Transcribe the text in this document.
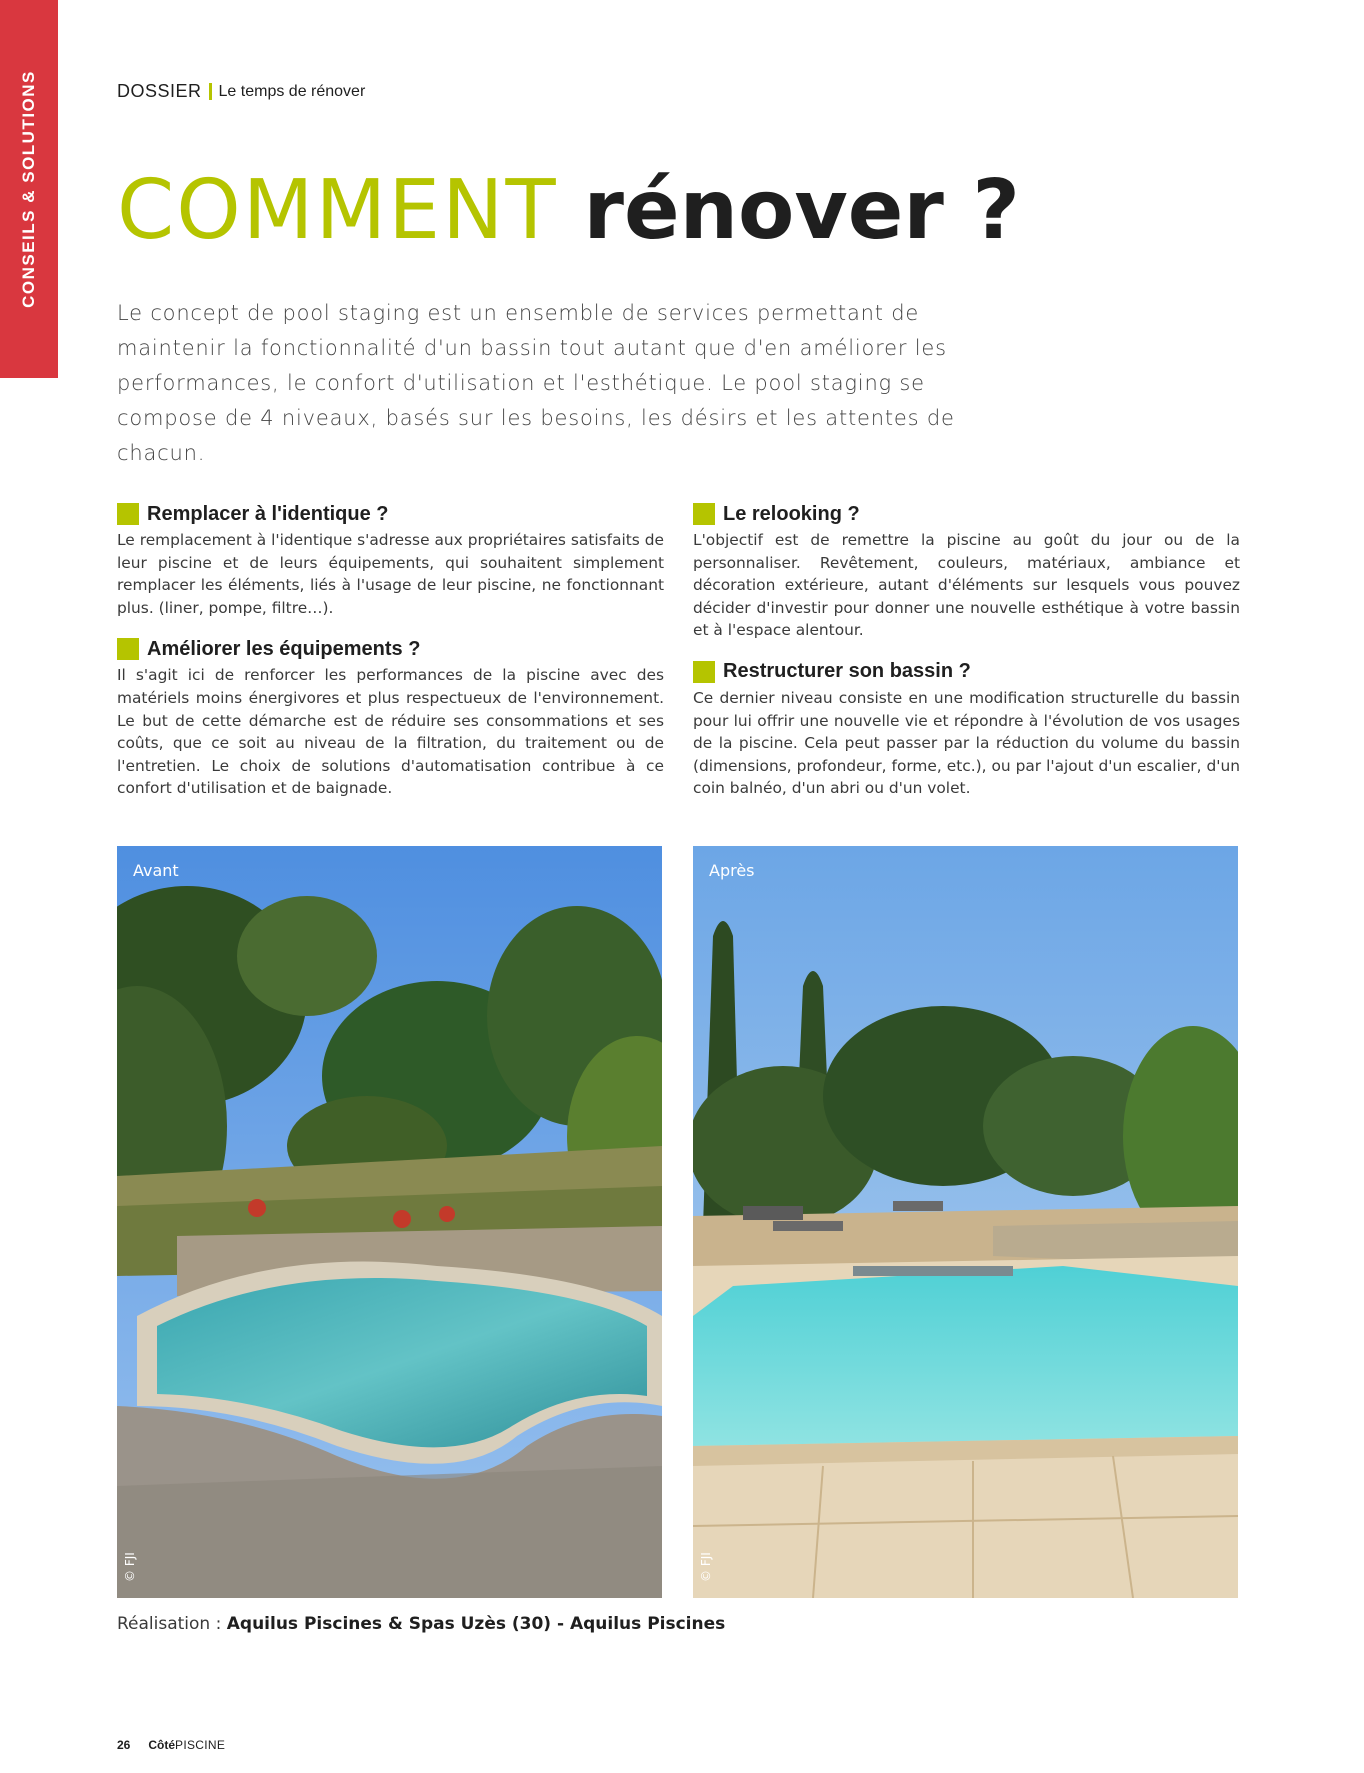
CONSEILS & SOLUTIONS	DOSSIER Le temps de rénover
COMMENT rénover ?

Le concept de pool staging est un ensemble de services permettant de maintenir la fonctionnalité d'un bassin tout autant que d'en améliorer les performances, le confort d'utilisation et l'esthétique. Le pool staging se compose de 4 niveaux, basés sur les besoins, les désirs et les attentes de chacun.

Remplacer à l'identique ?

Le remplacement à l'identique s'adresse aux propriétaires satisfaits de leur piscine et de leurs équipements, qui souhaitent simplement remplacer les éléments, liés à l'usage de leur piscine, ne fonctionnant plus. (liner, pompe, filtre…).

Améliorer les équipements ?

Il s'agit ici de renforcer les performances de la piscine avec des matériels moins énergivores et plus respectueux de l'environnement. Le but de cette démarche est de réduire ses consommations et ses coûts, que ce soit au niveau de la filtration, du traitement ou de l'entretien. Le choix de solutions d'automatisation contribue à ce confort d'utilisation et de baignade.

Le relooking ?

L'objectif est de remettre la piscine au goût du jour ou de la personnaliser. Revêtement, couleurs, matériaux, ambiance et décoration extérieure, autant d'éléments sur lesquels vous pouvez décider d'investir pour donner une nouvelle esthétique à votre bassin et à l'espace alentour.

Restructurer son bassin ?

Ce dernier niveau consiste en une modification structurelle du bassin pour lui offrir une nouvelle vie et répondre à l'évolution de vos usages de la piscine. Cela peut passer par la réduction du volume du bassin (dimensions, profondeur, forme, etc.), ou par l'ajout d'un escalier, d'un coin balnéo, d'un abri ou d'un volet.

Avant
© FJI
Après
© FJI
Réalisation : Aquilus Piscines & Spas Uzès (30) - Aquilus Piscines
26 Côté PISCINE
